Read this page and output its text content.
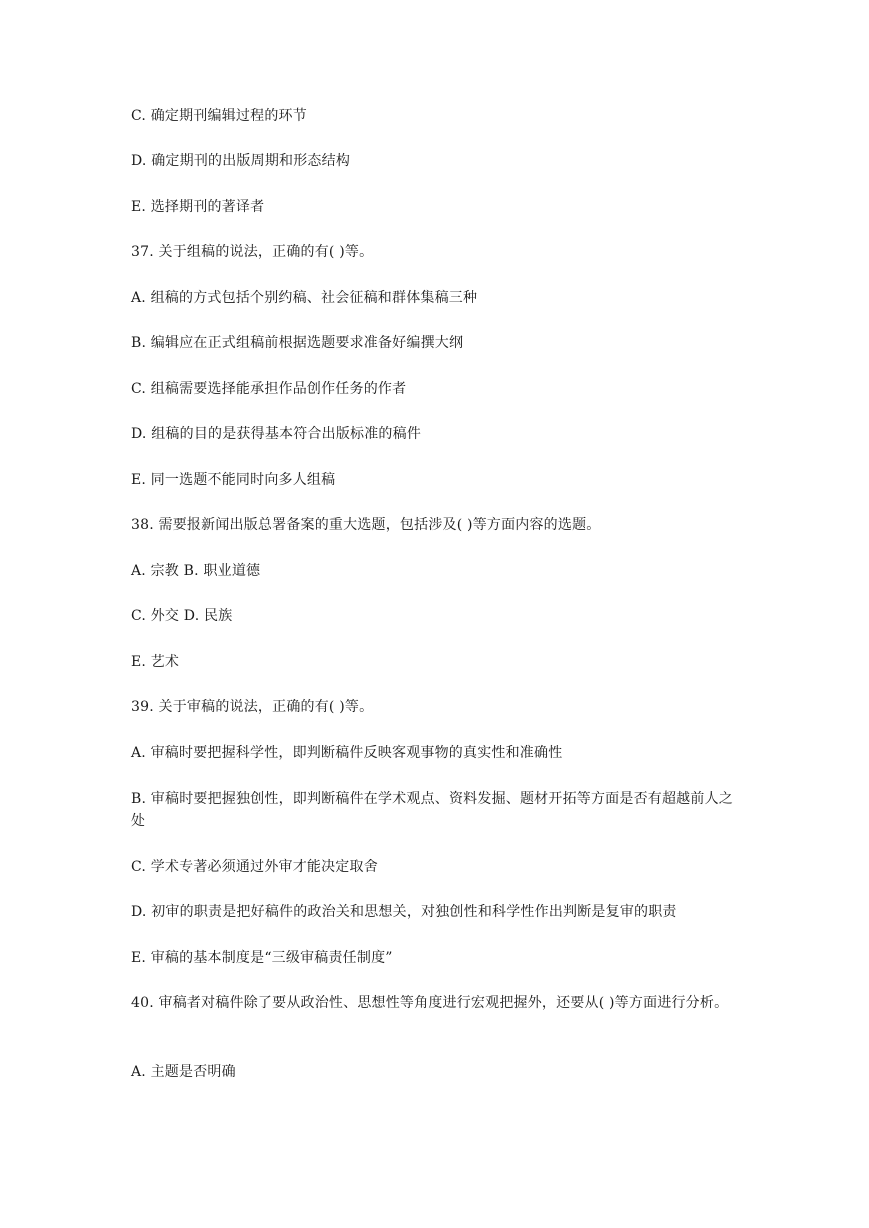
C. 确定期刊编辑过程的环节
D. 确定期刊的出版周期和形态结构
E. 选择期刊的著译者
37. 关于组稿的说法，正确的有( )等。
A. 组稿的方式包括个别约稿、社会征稿和群体集稿三种
B. 编辑应在正式组稿前根据选题要求准备好编撰大纲
C. 组稿需要选择能承担作品创作任务的作者
D. 组稿的目的是获得基本符合出版标准的稿件
E. 同一选题不能同时向多人组稿
38. 需要报新闻出版总署备案的重大选题，包括涉及( )等方面内容的选题。
A. 宗教 B. 职业道德
C. 外交 D. 民族
E. 艺术
39. 关于审稿的说法，正确的有( )等。
A. 审稿时要把握科学性，即判断稿件反映客观事物的真实性和准确性
B. 审稿时要把握独创性，即判断稿件在学术观点、资料发掘、题材开拓等方面是否有超越前人之处
C. 学术专著必须通过外审才能决定取舍
D. 初审的职责是把好稿件的政治关和思想关，对独创性和科学性作出判断是复审的职责
E. 审稿的基本制度是“三级审稿责任制度”
40. 审稿者对稿件除了要从政治性、思想性等角度进行宏观把握外，还要从( )等方面进行分析。
A. 主题是否明确
